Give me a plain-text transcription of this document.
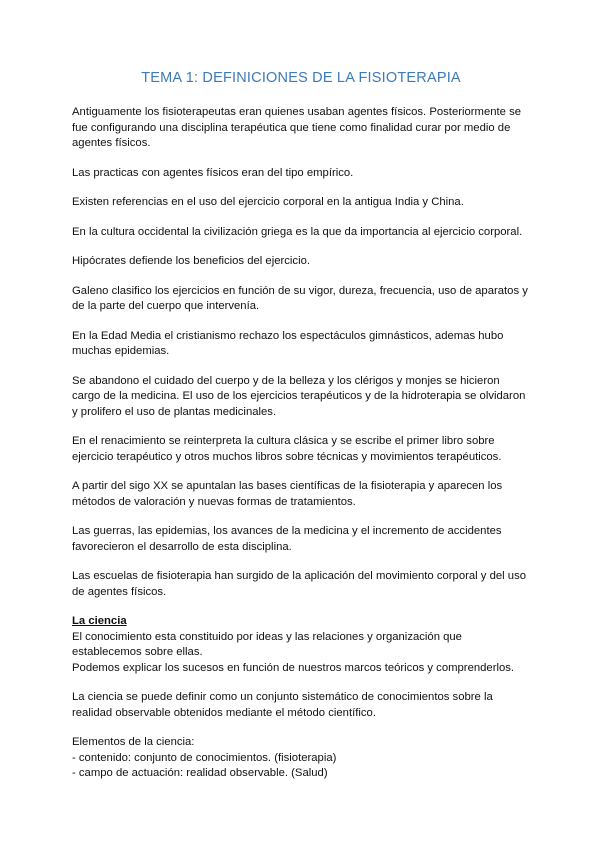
TEMA 1: DEFINICIONES DE LA FISIOTERAPIA

Antiguamente los fisioterapeutas eran quienes usaban agentes físicos. Posteriormente se fue configurando una disciplina terapéutica que tiene como finalidad curar por medio de agentes físicos.

Las practicas con agentes físicos eran del tipo empírico.

Existen referencias en el uso del ejercicio corporal en la antigua India y China.

En la cultura occidental la civilización griega es la que da importancia al ejercicio corporal.

Hipócrates defiende los beneficios del ejercicio.

Galeno clasifico los ejercicios en función de su vigor, dureza, frecuencia, uso de aparatos y de la parte del cuerpo que intervenía.

En la Edad Media el cristianismo rechazo los espectáculos gimnásticos, ademas hubo muchas epidemias.

Se abandono el cuidado del cuerpo y de la belleza y los clérigos y monjes se hicieron cargo de la medicina. El uso de los ejercicios terapéuticos y de la hidroterapia se olvidaron y prolifero el uso de plantas medicinales.

En el renacimiento se reinterpreta la cultura clásica y se escribe el primer libro sobre ejercicio terapéutico y otros muchos libros sobre técnicas y movimientos terapéuticos.

A partir del sigo XX se apuntalan las bases científicas de la fisioterapia y aparecen los métodos de valoración y nuevas formas de tratamientos.

Las guerras, las epidemias, los avances de la medicina y el incremento de accidentes favorecieron el desarrollo de esta disciplina.

Las escuelas de fisioterapia han surgido de la aplicación del movimiento corporal y del uso de agentes físicos.

La ciencia
El conocimiento esta constituido por ideas y las relaciones y organización que establecemos sobre ellas.
Podemos explicar los sucesos en función de nuestros marcos teóricos y comprenderlos.

La ciencia se puede definir como un conjunto sistemático de conocimientos sobre la realidad observable obtenidos mediante el método científico.

Elementos de la ciencia:
- contenido: conjunto de conocimientos. (fisioterapia)
- campo de actuación: realidad observable. (Salud)
